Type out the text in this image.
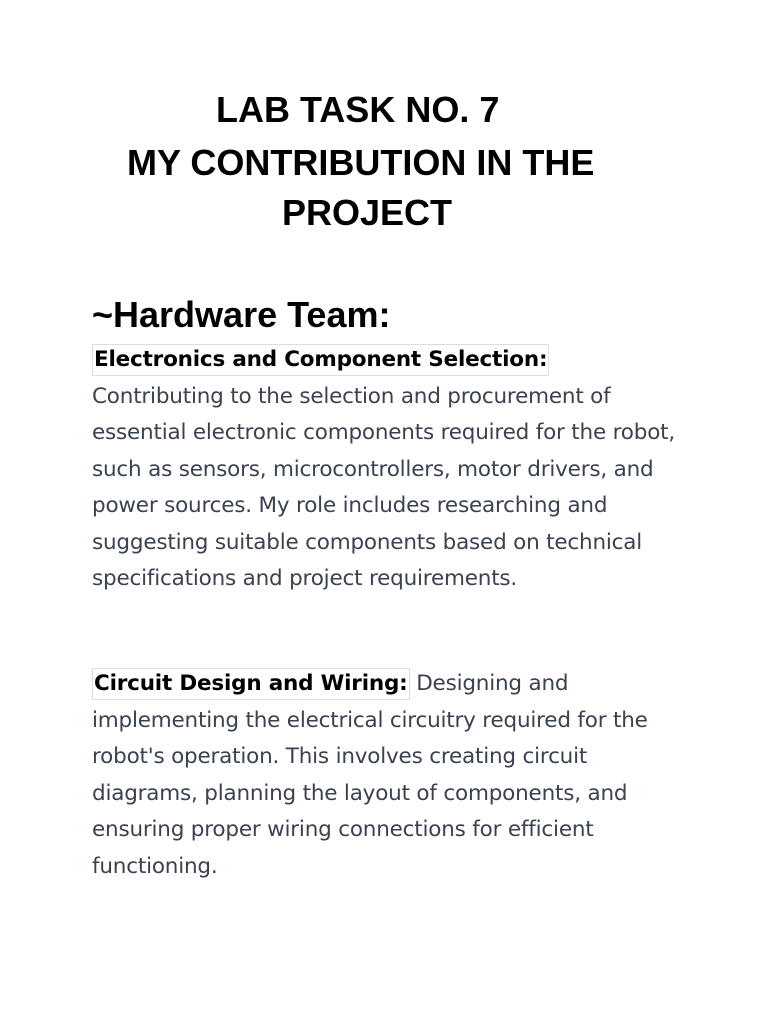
LAB TASK NO. 7
MY CONTRIBUTION IN THE
PROJECT
~Hardware Team:
Electronics and Component Selection:
Contributing to the selection and procurement of essential electronic components required for the robot, such as sensors, microcontrollers, motor drivers, and power sources. My role includes researching and suggesting suitable components based on technical specifications and project requirements.
Circuit Design and Wiring: Designing and implementing the electrical circuitry required for the robot's operation. This involves creating circuit diagrams, planning the layout of components, and ensuring proper wiring connections for efficient functioning.
